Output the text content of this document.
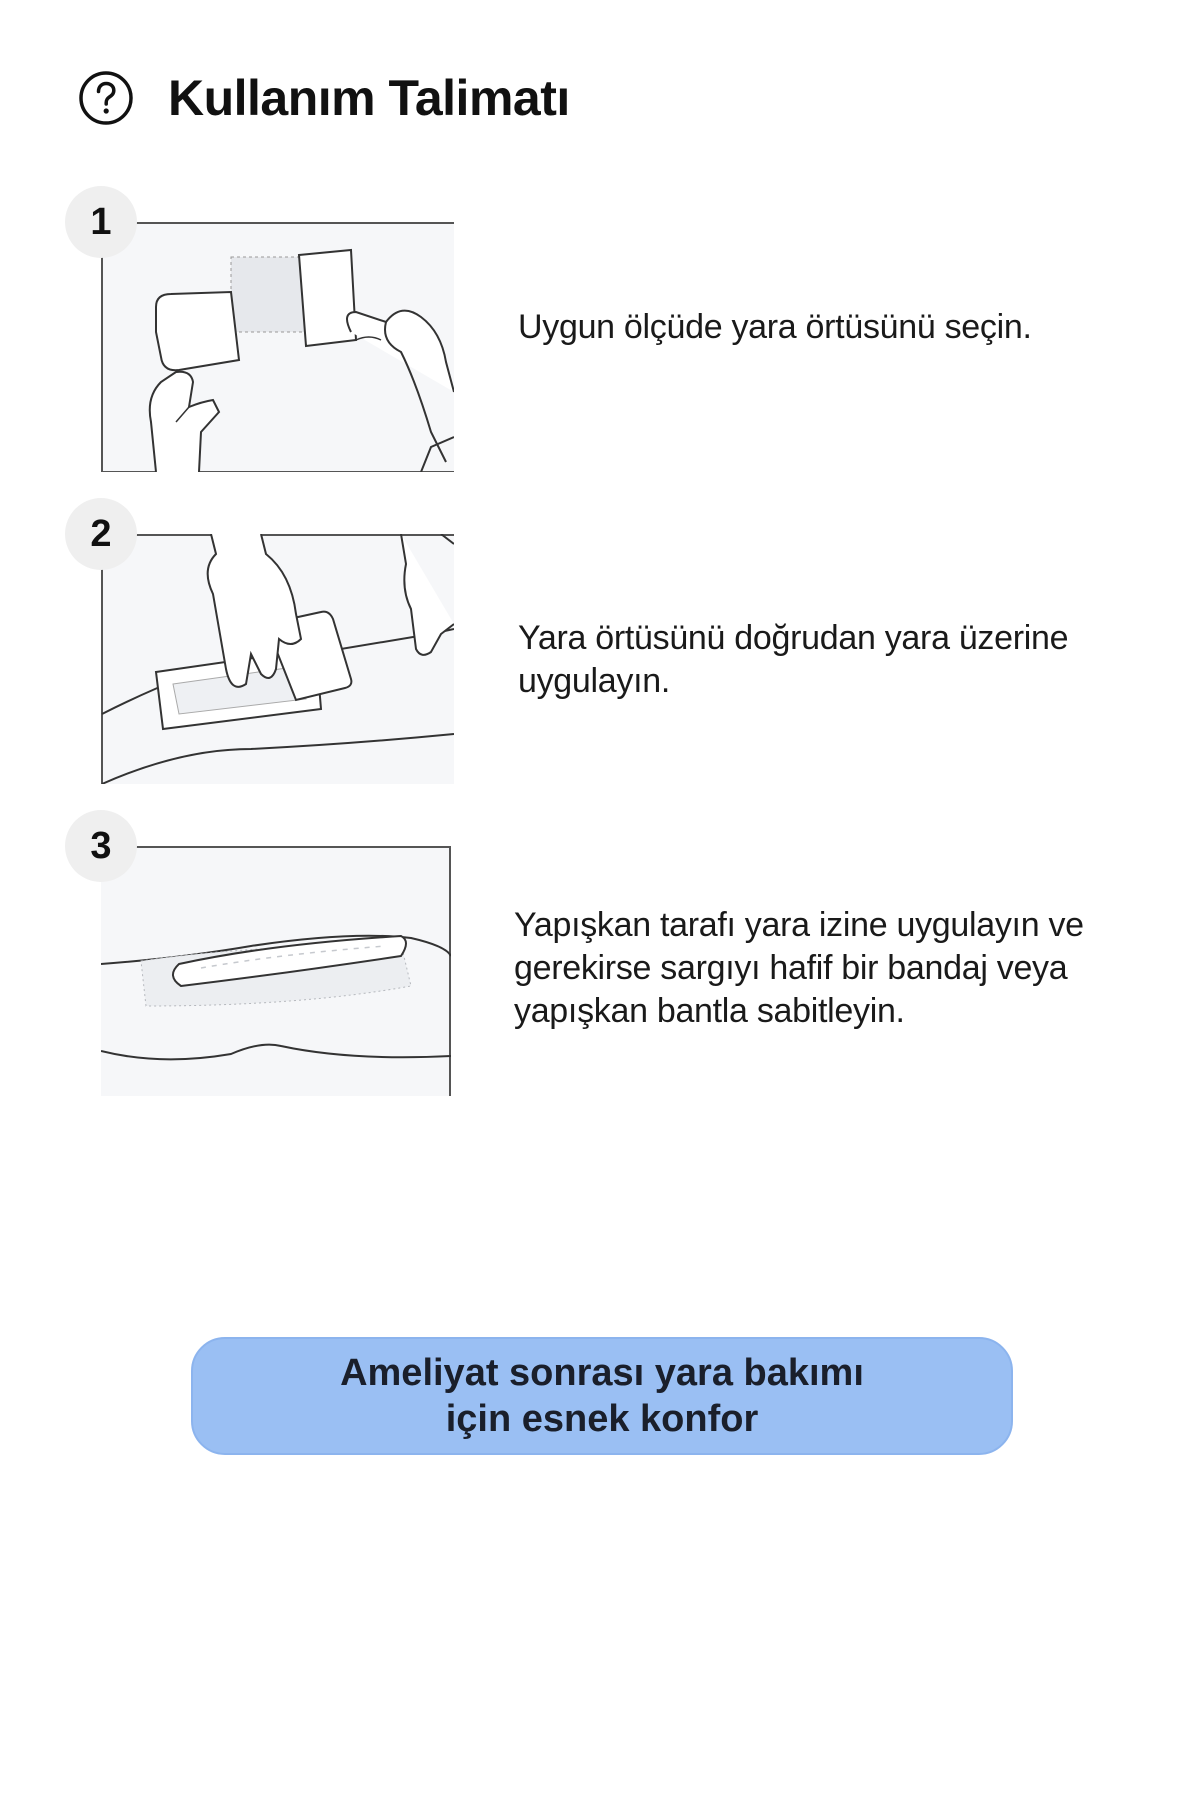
Kullanım Talimatı
1
Uygun ölçüde yara örtüsünü seçin.
2
Yara örtüsünü doğrudan yara üzerine uygulayın.
3
Yapışkan tarafı yara izine uygulayın ve gerekirse sargıyı hafif bir bandaj veya yapışkan bantla sabitleyin.
Ameliyat sonrası yara bakımı
için esnek konfor
